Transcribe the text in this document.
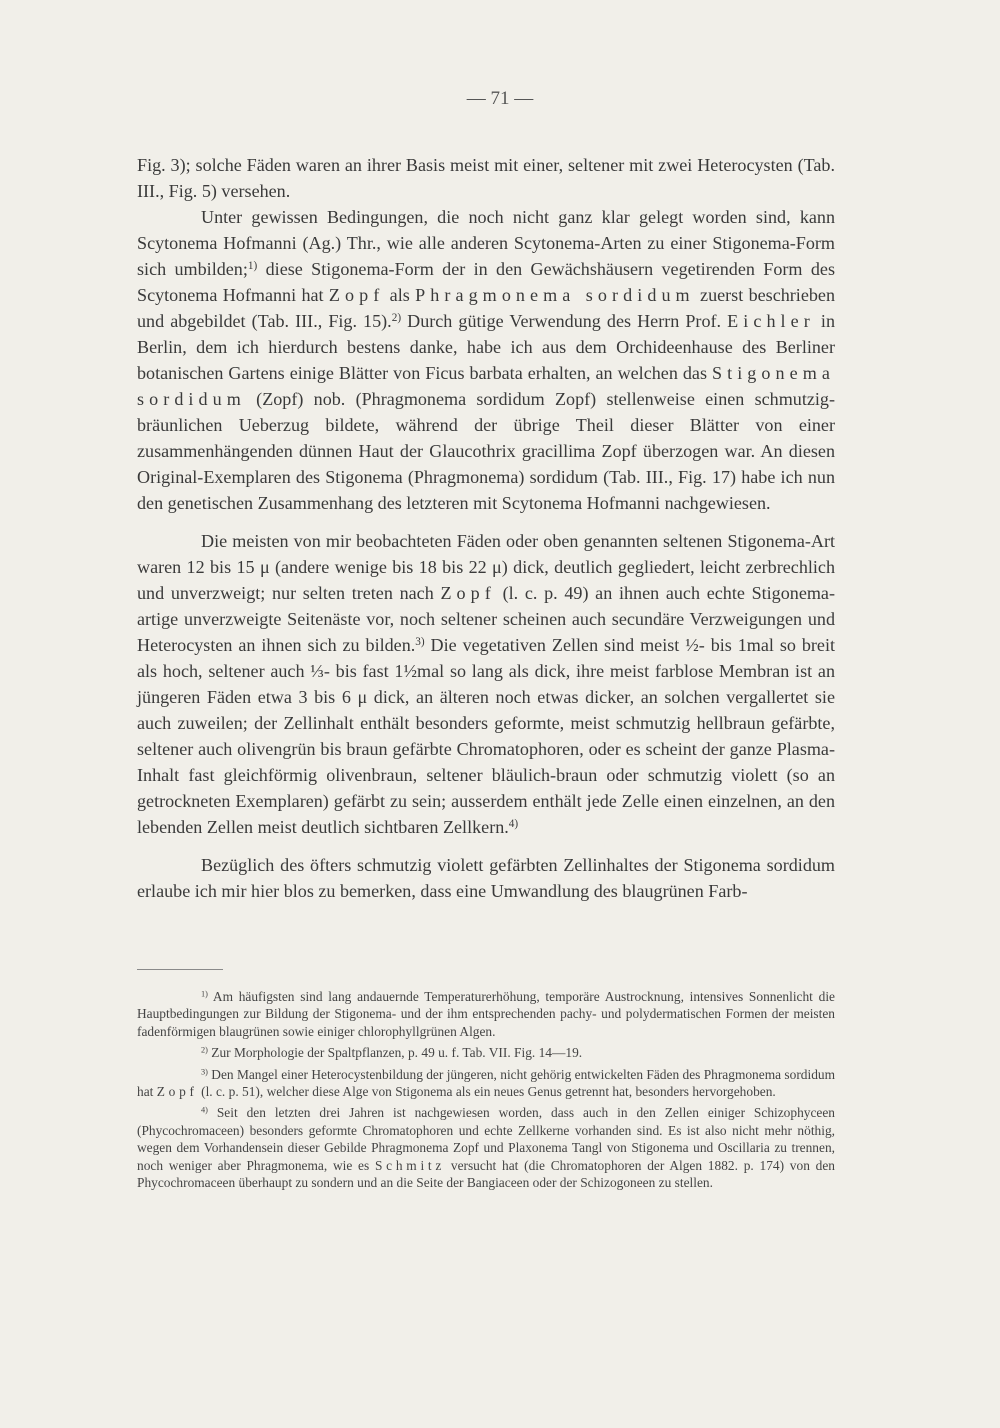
— 71 —

Fig. 3); solche Fäden waren an ihrer Basis meist mit einer, seltener mit zwei Heterocysten (Tab. III., Fig. 5) versehen.

Unter gewissen Bedingungen, die noch nicht ganz klar gelegt worden sind, kann Scytonema Hofmanni (Ag.) Thr., wie alle anderen Scytonema-Arten zu einer Stigonema-Form sich umbilden;$^{1)}$ diese Stigonema-Form der in den Gewächshäusern vegetirenden Form des Scytonema Hofmanni hat Zopf als Phragmonema sordidum zuerst beschrieben und abgebildet (Tab. III., Fig. 15).$^{2)}$ Durch gütige Verwendung des Herrn Prof. Eichler in Berlin, dem ich hierdurch bestens danke, habe ich aus dem Orchideenhause des Berliner botanischen Gartens einige Blätter von Ficus barbata erhalten, an welchen das Stigonema sordidum (Zopf) nob. (Phragmonema sordidum Zopf) stellenweise einen schmutzig-bräunlichen Ueberzug bildete, während der übrige Theil dieser Blätter von einer zusammenhängenden dünnen Haut der Glaucothrix gracillima Zopf überzogen war. An diesen Original-Exemplaren des Stigonema (Phragmonema) sordidum (Tab. III., Fig. 17) habe ich nun den genetischen Zusammenhang des letzteren mit Scytonema Hofmanni nachgewiesen.

Die meisten von mir beobachteten Fäden oder oben genannten seltenen Stigonema-Art waren 12 bis 15 μ (andere wenige bis 18 bis 22 μ) dick, deutlich gegliedert, leicht zerbrechlich und unverzweigt; nur selten treten nach Zopf (l. c. p. 49) an ihnen auch echte Stigonema-artige unverzweigte Seitenäste vor, noch seltener scheinen auch secundäre Verzweigungen und Heterocysten an ihnen sich zu bilden.$^{3)}$ Die vegetativen Zellen sind meist ½- bis 1mal so breit als hoch, seltener auch ⅓- bis fast 1½mal so lang als dick, ihre meist farblose Membran ist an jüngeren Fäden etwa 3 bis 6 μ dick, an älteren noch etwas dicker, an solchen vergallertet sie auch zuweilen; der Zellinhalt enthält besonders geformte, meist schmutzig hellbraun gefärbte, seltener auch olivengrün bis braun gefärbte Chromatophoren, oder es scheint der ganze Plasma-Inhalt fast gleichförmig olivenbraun, seltener bläulich-braun oder schmutzig violett (so an getrockneten Exemplaren) gefärbt zu sein; ausserdem enthält jede Zelle einen einzelnen, an den lebenden Zellen meist deutlich sichtbaren Zellkern.$^{4)}$

Bezüglich des öfters schmutzig violett gefärbten Zellinhaltes der Stigonema sordidum erlaube ich mir hier blos zu bemerken, dass eine Umwandlung des blaugrünen Farb-

$^{1)}$ Am häufigsten sind lang andauernde Temperaturerhöhung, temporäre Austrocknung, intensives Sonnenlicht die Hauptbedingungen zur Bildung der Stigonema- und der ihm entsprechenden pachy- und polydermatischen Formen der meisten fadenförmigen blaugrünen sowie einiger chlorophyllgrünen Algen.

$^{2)}$ Zur Morphologie der Spaltpflanzen, p. 49 u. f. Tab. VII. Fig. 14—19.

$^{3)}$ Den Mangel einer Heterocystenbildung der jüngeren, nicht gehörig entwickelten Fäden des Phragmonema sordidum hat Zopf (l. c. p. 51), welcher diese Alge von Stigonema als ein neues Genus getrennt hat, besonders hervorgehoben.

$^{4)}$ Seit den letzten drei Jahren ist nachgewiesen worden, dass auch in den Zellen einiger Schizophyceen (Phycochromaceen) besonders geformte Chromatophoren und echte Zellkerne vorhanden sind. Es ist also nicht mehr nöthig, wegen dem Vorhandensein dieser Gebilde Phragmonema Zopf und Plaxonema Tangl von Stigonema und Oscillaria zu trennen, noch weniger aber Phragmonema, wie es Schmitz versucht hat (die Chromatophoren der Algen 1882. p. 174) von den Phycochromaceen überhaupt zu sondern und an die Seite der Bangiaceen oder der Schizogoneen zu stellen.
